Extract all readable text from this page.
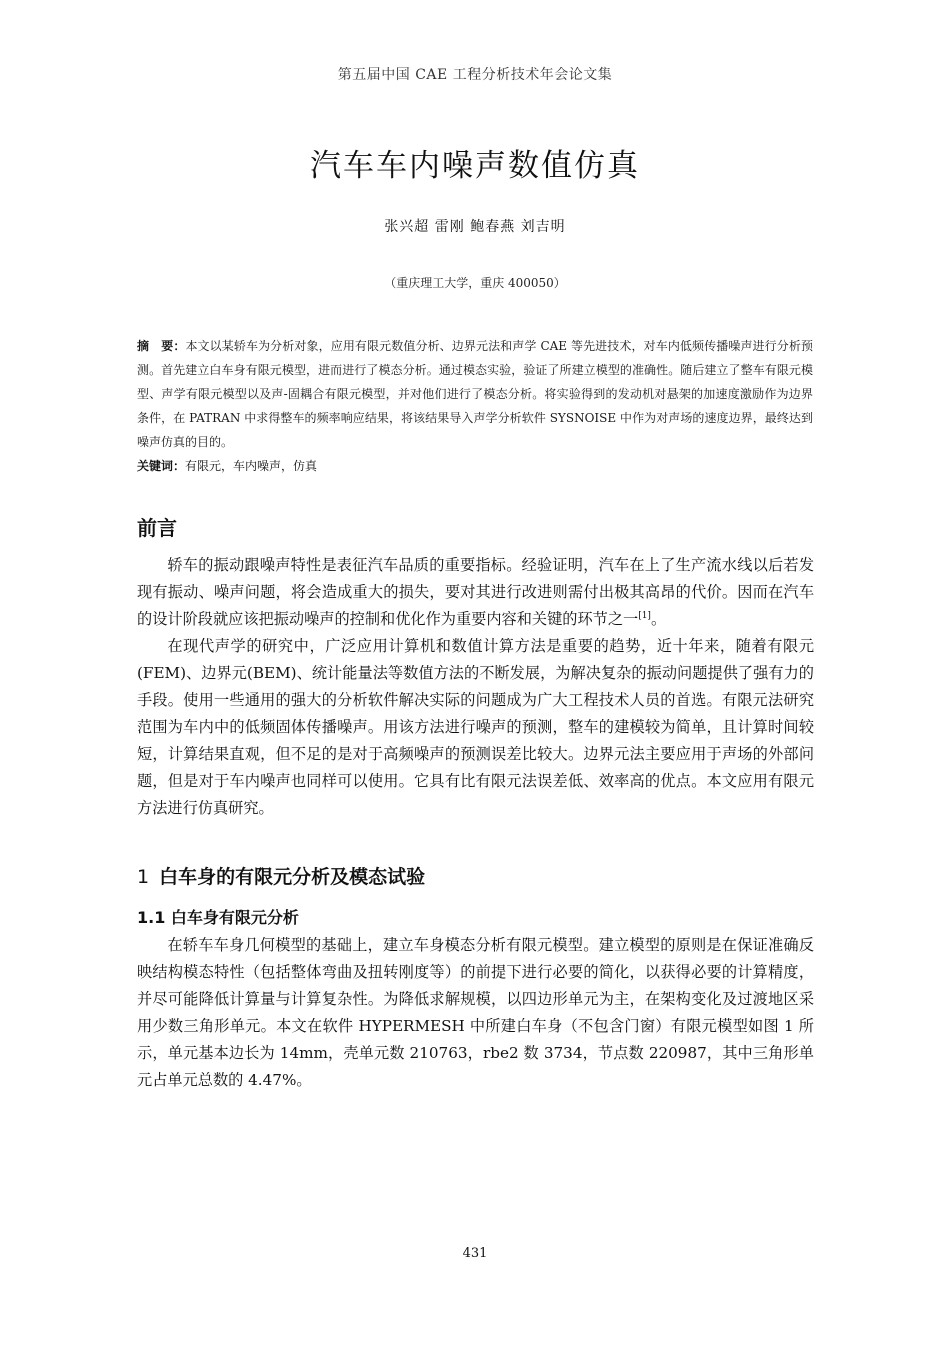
第五届中国 CAE 工程分析技术年会论文集
汽车车内噪声数值仿真
张兴超 雷刚 鲍春燕 刘吉明
（重庆理工大学，重庆 400050）
摘　要：本文以某轿车为分析对象，应用有限元数值分析、边界元法和声学 CAE 等先进技术，对车内低频传播噪声进行分析预测。首先建立白车身有限元模型，进而进行了模态分析。通过模态实验，验证了所建立模型的准确性。随后建立了整车有限元模型、声学有限元模型以及声-固耦合有限元模型，并对他们进行了模态分析。将实验得到的发动机对悬架的加速度激励作为边界条件，在 PATRAN 中求得整车的频率响应结果，将该结果导入声学分析软件 SYSNOISE 中作为对声场的速度边界，最终达到噪声仿真的目的。
关键词：有限元，车内噪声，仿真
前言

轿车的振动跟噪声特性是表征汽车品质的重要指标。经验证明，汽车在上了生产流水线以后若发现有振动、噪声问题，将会造成重大的损失，要对其进行改进则需付出极其高昂的代价。因而在汽车的设计阶段就应该把振动噪声的控制和优化作为重要内容和关键的环节之一[1]。

在现代声学的研究中，广泛应用计算机和数值计算方法是重要的趋势，近十年来，随着有限元(FEM)、边界元(BEM)、统计能量法等数值方法的不断发展，为解决复杂的振动问题提供了强有力的手段。使用一些通用的强大的分析软件解决实际的问题成为广大工程技术人员的首选。有限元法研究范围为车内中的低频固体传播噪声。用该方法进行噪声的预测，整车的建模较为简单，且计算时间较短，计算结果直观，但不足的是对于高频噪声的预测误差比较大。边界元法主要应用于声场的外部问题，但是对于车内噪声也同样可以使用。它具有比有限元法误差低、效率高的优点。本文应用有限元方法进行仿真研究。

1 白车身的有限元分析及模态试验
1.1 白车身有限元分析

在轿车车身几何模型的基础上，建立车身模态分析有限元模型。建立模型的原则是在保证准确反映结构模态特性（包括整体弯曲及扭转刚度等）的前提下进行必要的简化，以获得必要的计算精度，并尽可能降低计算量与计算复杂性。为降低求解规模，以四边形单元为主，在架构变化及过渡地区采用少数三角形单元。本文在软件 HYPERMESH 中所建白车身（不包含门窗）有限元模型如图 1 所示，单元基本边长为 14mm，壳单元数 210763，rbe2 数 3734，节点数 220987，其中三角形单元占单元总数的 4.47%。

431
